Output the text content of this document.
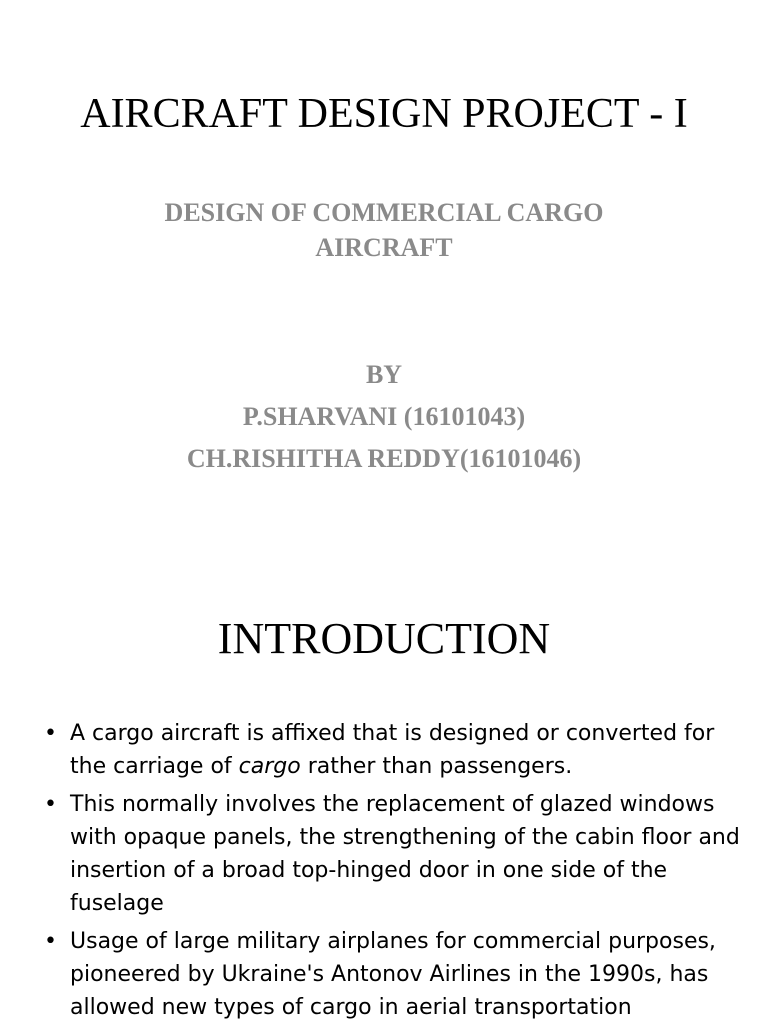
AIRCRAFT DESIGN PROJECT - I
DESIGN OF COMMERCIAL CARGO
AIRCRAFT
BY
P.SHARVANI (16101043)
CH.RISHITHA REDDY(16101046)
INTRODUCTION
• A cargo aircraft is affixed that is designed or converted for the carriage of cargo rather than passengers.
• This normally involves the replacement of glazed windows with opaque panels, the strengthening of the cabin floor and insertion of a broad top-hinged door in one side of the fuselage
• Usage of large military airplanes for commercial purposes, pioneered by Ukraine's Antonov Airlines in the 1990s, has allowed new types of cargo in aerial transportation
